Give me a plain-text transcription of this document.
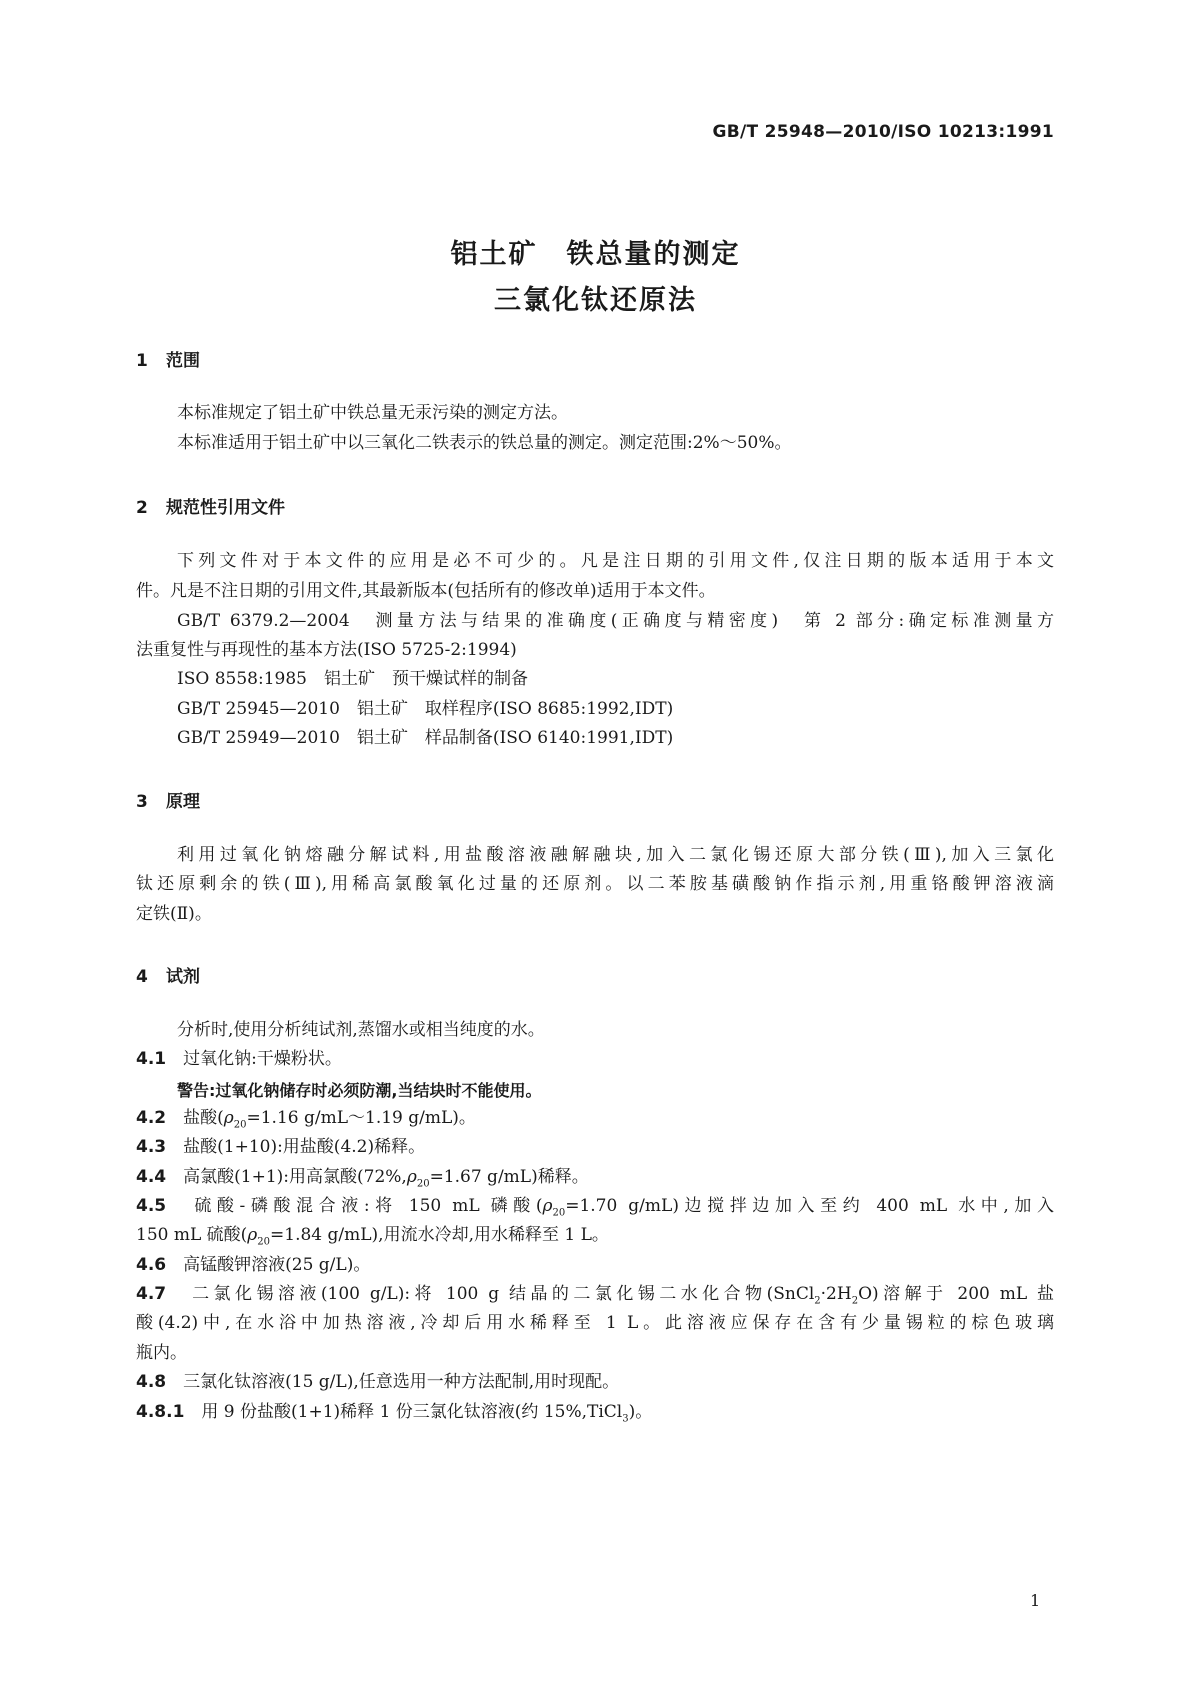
GB/T 25948—2010/ISO 10213:1991
铝土矿　铁总量的测定
三氯化钛还原法
1 范围
本标准规定了铝土矿中铁总量无汞污染的测定方法。
本标准适用于铝土矿中以三氧化二铁表示的铁总量的测定。测定范围:2%～50%。
2 规范性引用文件
下列文件对于本文件的应用是必不可少的。凡是注日期的引用文件,仅注日期的版本适用于本文
件。凡是不注日期的引用文件,其最新版本(包括所有的修改单)适用于本文件。
GB/T 6379.2—2004　测量方法与结果的准确度(正确度与精密度)　第 2 部分:确定标准测量方
法重复性与再现性的基本方法(ISO 5725-2:1994)
ISO 8558:1985　铝土矿　预干燥试样的制备
GB/T 25945—2010　铝土矿　取样程序(ISO 8685:1992,IDT)
GB/T 25949—2010　铝土矿　样品制备(ISO 6140:1991,IDT)
3 原理
利用过氧化钠熔融分解试料,用盐酸溶液融解融块,加入二氯化锡还原大部分铁(Ⅲ),加入三氯化
钛还原剩余的铁(Ⅲ),用稀高氯酸氧化过量的还原剂。以二苯胺基磺酸钠作指示剂,用重铬酸钾溶液滴
定铁(Ⅱ)。
4 试剂
分析时,使用分析纯试剂,蒸馏水或相当纯度的水。
4.1　 过氧化钠:干燥粉状。
警告:过氧化钠储存时必须防潮,当结块时不能使用。
4.2　 盐酸($\rho_{20}=1.16$ g/mL～1.19 g/mL)。
4.3　 盐酸(1+10):用盐酸(4.2)稀释。
4.4　 高氯酸(1+1):用高氯酸($72\%,\rho_{20}=1.67$ g/mL)稀释。
4.5　 硫酸-磷酸混合液:将 150 mL 磷酸($\rho_{20}=1.70$ g/mL)边搅拌边加入至约 400 mL 水中,加入
150 mL 硫酸($\rho_{20}=1.84$ g/mL),用流水冷却,用水稀释至 1 L。
4.6　 高锰酸钾溶液(25 g/L)。
4.7　 二氯化锡溶液(100 g/L):将 100 g 结晶的二氯化锡二水化合物$(SnCl_2\cdot 2H_2O)$溶解于 200 mL 盐
酸(4.2)中,在水浴中加热溶液,冷却后用水稀释至 1 L。此溶液应保存在含有少量锡粒的棕色玻璃
瓶内。
4.8　 三氯化钛溶液(15 g/L),任意选用一种方法配制,用时现配。
4.8.1　 用 9 份盐酸(1+1)稀释 1 份三氯化钛溶液(约 15%,TiCl$_3$)。
1
